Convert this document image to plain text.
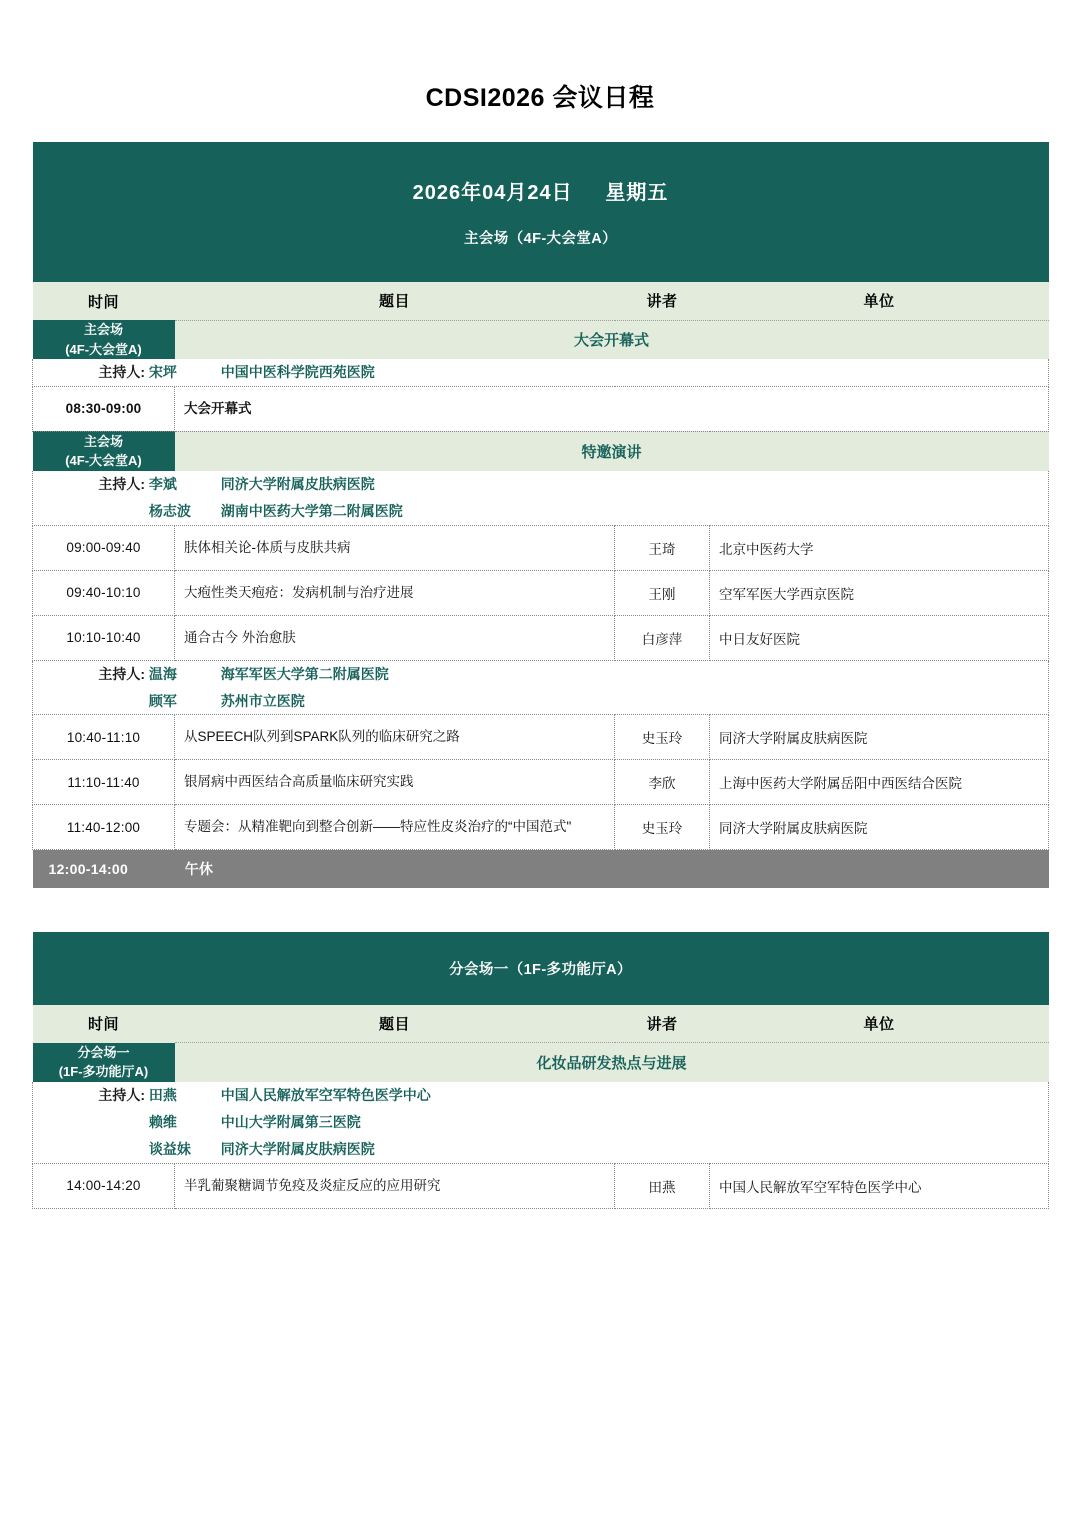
CDSI2026 会议日程
2026年04月24日 星期五
主会场（4F-大会堂A）			

时间	题目	讲者	单位
主会场
(4F-大会堂A)	大会开幕式		

主持人: 宋坪 中国中医科学院西苑医院			

08:30-09:00	大会开幕式		
主会场
(4F-大会堂A)	特邀演讲		

主持人: 李斌 同济大学附属皮肤病医院
杨志波 湖南中医药大学第二附属医院			

09:00-09:40	肤体相关论-体质与皮肤共病	王琦	北京中医药大学
09:40-10:10	大疱性类天疱疮：发病机制与治疗进展	王刚	空军军医大学西京医院
10:10-10:40	通合古今 外治愈肤	白彦萍	中日友好医院

主持人: 温海 海军军医大学第二附属医院
顾军 苏州市立医院			

10:40-11:10	从SPEECH队列到SPARK队列的临床研究之路	史玉玲	同济大学附属皮肤病医院
11:10-11:40	银屑病中西医结合高质量临床研究实践	李欣	上海中医药大学附属岳阳中西医结合医院
11:40-12:00	专题会：从精准靶向到整合创新——特应性皮炎治疗的“中国范式"	史玉玲	同济大学附属皮肤病医院
12:00-14:00 午休			
分会场一（1F-多功能厅A）			

时间	题目	讲者	单位
分会场一
(1F-多功能厅A)	化妆品研发热点与进展		

主持人: 田燕 中国人民解放军空军特色医学中心
赖维 中山大学附属第三医院
谈益妹 同济大学附属皮肤病医院			

14:00-14:20	半乳葡聚糖调节免疫及炎症反应的应用研究	田燕	中国人民解放军空军特色医学中心
